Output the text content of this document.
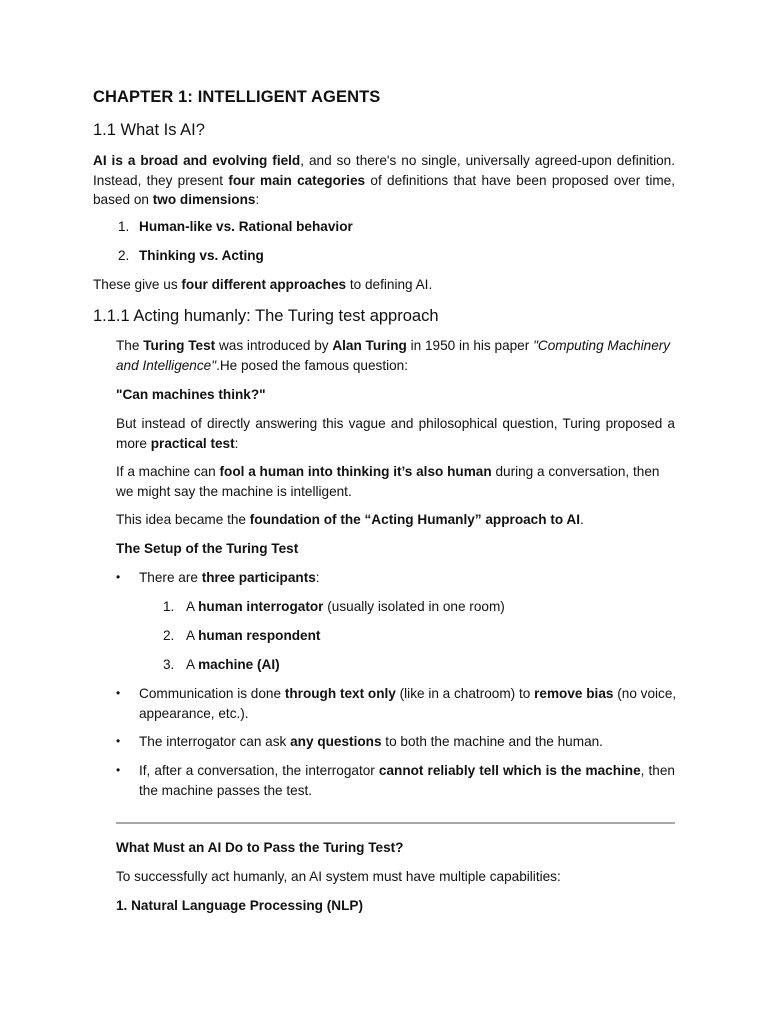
CHAPTER 1: INTELLIGENT AGENTS
1.1 What Is AI?
AI is a broad and evolving field, and so there's no single, universally agreed-upon definition. Instead, they present four main categories of definitions that have been proposed over time, based on two dimensions:
1. Human-like vs. Rational behavior
2. Thinking vs. Acting
These give us four different approaches to defining AI.
1.1.1 Acting humanly: The Turing test approach
The Turing Test was introduced by Alan Turing in 1950 in his paper "Computing Machinery and Intelligence".He posed the famous question:
"Can machines think?"
But instead of directly answering this vague and philosophical question, Turing proposed a more practical test:
If a machine can fool a human into thinking it’s also human during a conversation, then we might say the machine is intelligent.
This idea became the foundation of the “Acting Humanly” approach to AI.
The Setup of the Turing Test
• There are three participants:
1. A human interrogator (usually isolated in one room)
2. A human respondent
3. A machine (AI)
• Communication is done through text only (like in a chatroom) to remove bias (no voice, appearance, etc.).
• The interrogator can ask any questions to both the machine and the human.
• If, after a conversation, the interrogator cannot reliably tell which is the machine, then the machine passes the test.
What Must an AI Do to Pass the Turing Test?
To successfully act humanly, an AI system must have multiple capabilities:
1. Natural Language Processing (NLP)
